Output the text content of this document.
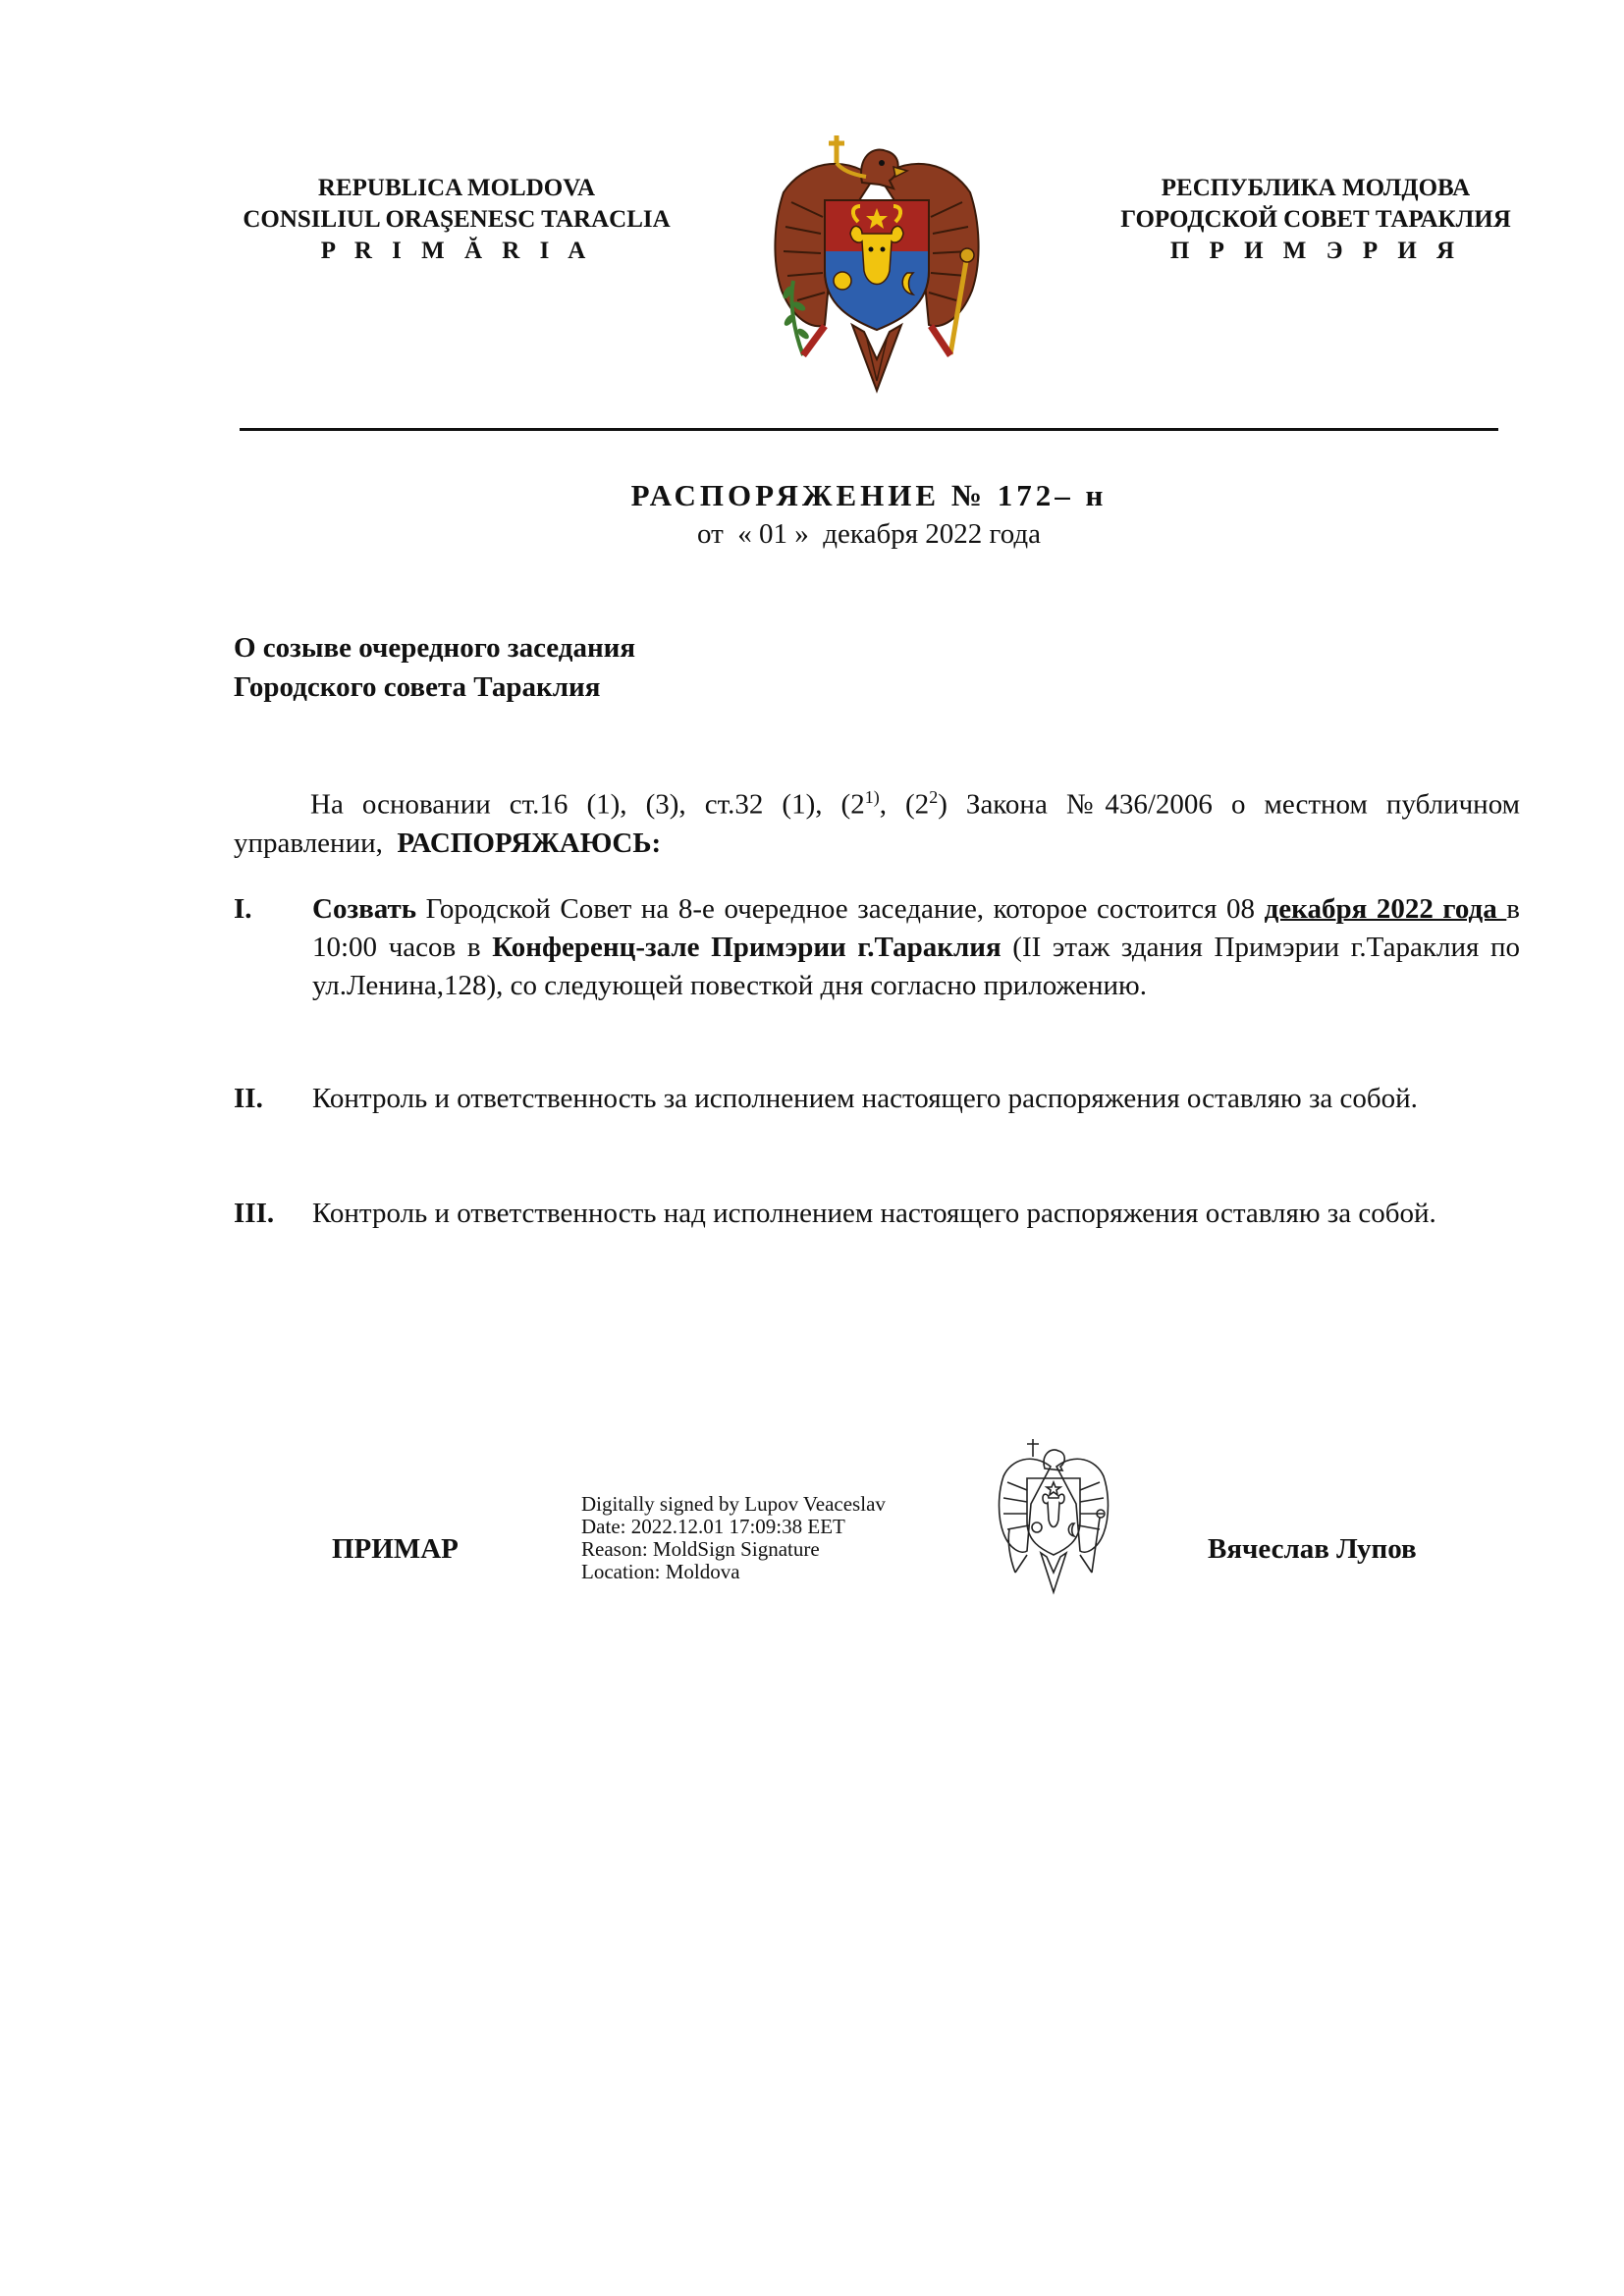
REPUBLICA MOLDOVA
CONSILIUL ORAŞENESC TARACLIA
P R I M Ă R I A
РЕСПУБЛИКА МОЛДОВА
ГОРОДСКОЙ СОВЕТ ТАРАКЛИЯ
П Р И М Э Р И Я
РАСПОРЯЖЕНИЕ № 172– н
от  « 01 »  декабря 2022 года
О созыве очередного заседания
Городского совета Тараклия
На основании ст.16 (1), (3), ст.32 (1), (2$^{1)}$, $(2^2)$ Закона №436/2006 о местном публичном управлении, РАСПОРЯЖАЮСЬ:
I.	Созвать Городской Совет на 8-е очередное заседание, которое состоится 08 декабря 2022 года в 10:00 часов в Конференц-зале Примэрии г.Тараклия (II этаж здания Примэрии г.Тараклия по ул.Ленина,128), со следующей повесткой дня согласно приложению.
II.	Контроль и ответственность за исполнением настоящего распоряжения оставляю за собой.
III.	Контроль и ответственность над исполнением настоящего распоряжения оставляю за собой.
ПРИМАР
Digitally signed by Lupov Veaceslav
Date: 2022.12.01 17:09:38 EET
Reason: MoldSign Signature
Location: Moldova
Вячеслав Лупов
